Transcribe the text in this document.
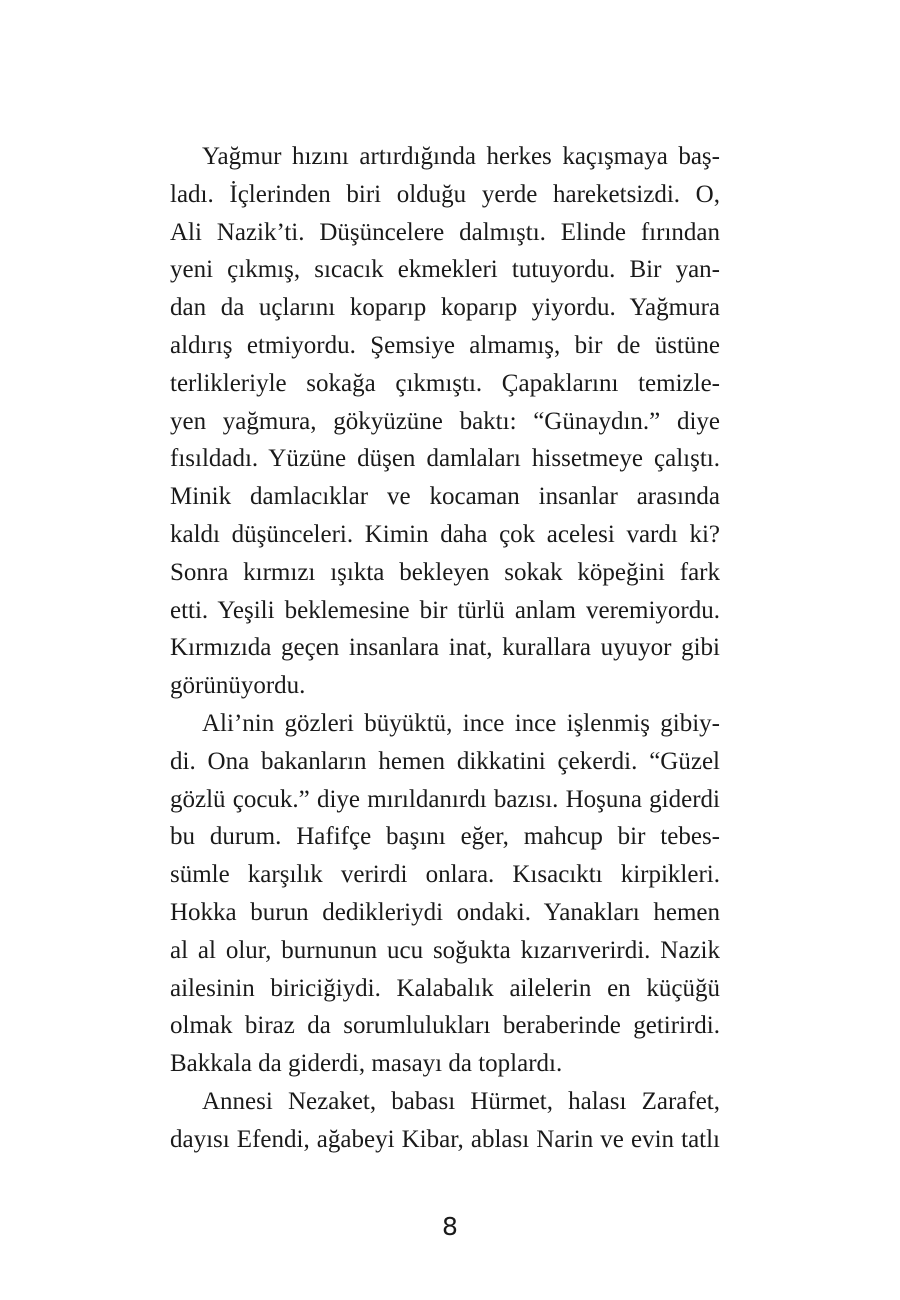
Yağmur hızını artırdığında herkes kaçışmaya baş-
ladı. İçlerinden biri olduğu yerde hareketsizdi. O,
Ali Nazik’ti. Düşüncelere dalmıştı. Elinde fırından
yeni çıkmış, sıcacık ekmekleri tutuyordu. Bir yan-
dan da uçlarını koparıp koparıp yiyordu. Yağmura
aldırış etmiyordu. Şemsiye almamış, bir de üstüne
terlikleriyle sokağa çıkmıştı. Çapaklarını temizle-
yen yağmura, gökyüzüne baktı: “Günaydın.” diye
fısıldadı. Yüzüne düşen damlaları hissetmeye çalıştı.
Minik damlacıklar ve kocaman insanlar arasında
kaldı düşünceleri. Kimin daha çok acelesi vardı ki?
Sonra kırmızı ışıkta bekleyen sokak köpeğini fark
etti. Yeşili beklemesine bir türlü anlam veremiyordu.
Kırmızıda geçen insanlara inat, kurallara uyuyor gibi
görünüyordu.
Ali’nin gözleri büyüktü, ince ince işlenmiş gibiy-
di. Ona bakanların hemen dikkatini çekerdi. “Güzel
gözlü çocuk.” diye mırıldanırdı bazısı. Hoşuna giderdi
bu durum. Hafifçe başını eğer, mahcup bir tebes-
sümle karşılık verirdi onlara. Kısacıktı kirpikleri.
Hokka burun dedikleriydi ondaki. Yanakları hemen
al al olur, burnunun ucu soğukta kızarıverirdi. Nazik
ailesinin biriciğiydi. Kalabalık ailelerin en küçüğü
olmak biraz da sorumlulukları beraberinde getirirdi.
Bakkala da giderdi, masayı da toplardı.
Annesi Nezaket, babası Hürmet, halası Zarafet,
dayısı Efendi, ağabeyi Kibar, ablası Narin ve evin tatlı
8
